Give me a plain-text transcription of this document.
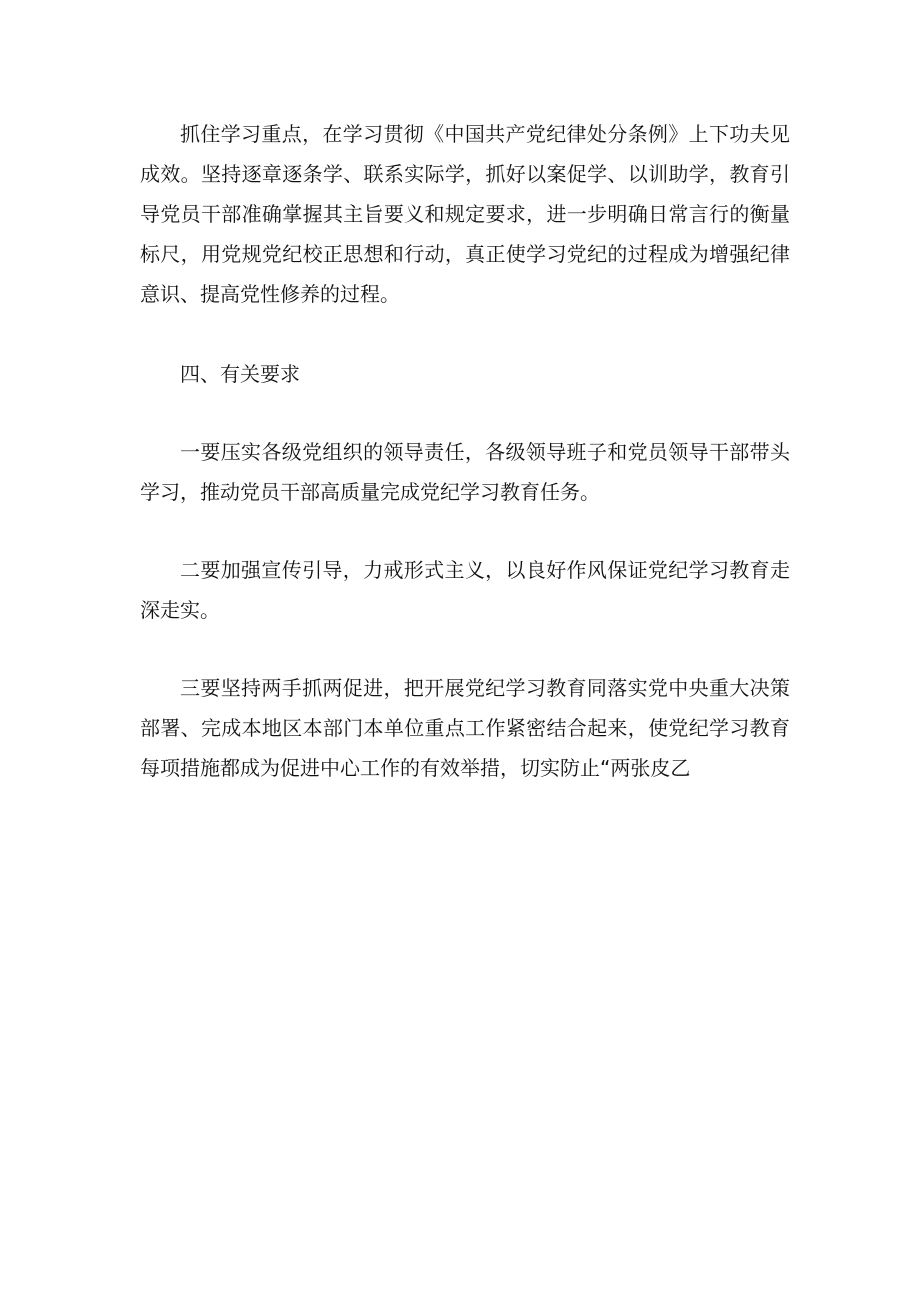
抓住学习重点，在学习贯彻《中国共产党纪律处分条例》上下功夫见成效。坚持逐章逐条学、联系实际学，抓好以案促学、以训助学，教育引导党员干部准确掌握其主旨要义和规定要求，进一步明确日常言行的衡量标尺，用党规党纪校正思想和行动，真正使学习党纪的过程成为增强纪律意识、提高党性修养的过程。

四、有关要求

一要压实各级党组织的领导责任，各级领导班子和党员领导干部带头学习，推动党员干部高质量完成党纪学习教育任务。

二要加强宣传引导，力戒形式主义，以良好作风保证党纪学习教育走深走实。

三要坚持两手抓两促进，把开展党纪学习教育同落实党中央重大决策部署、完成本地区本部门本单位重点工作紧密结合起来，使党纪学习教育每项措施都成为促进中心工作的有效举措，切实防止“两张皮乙
